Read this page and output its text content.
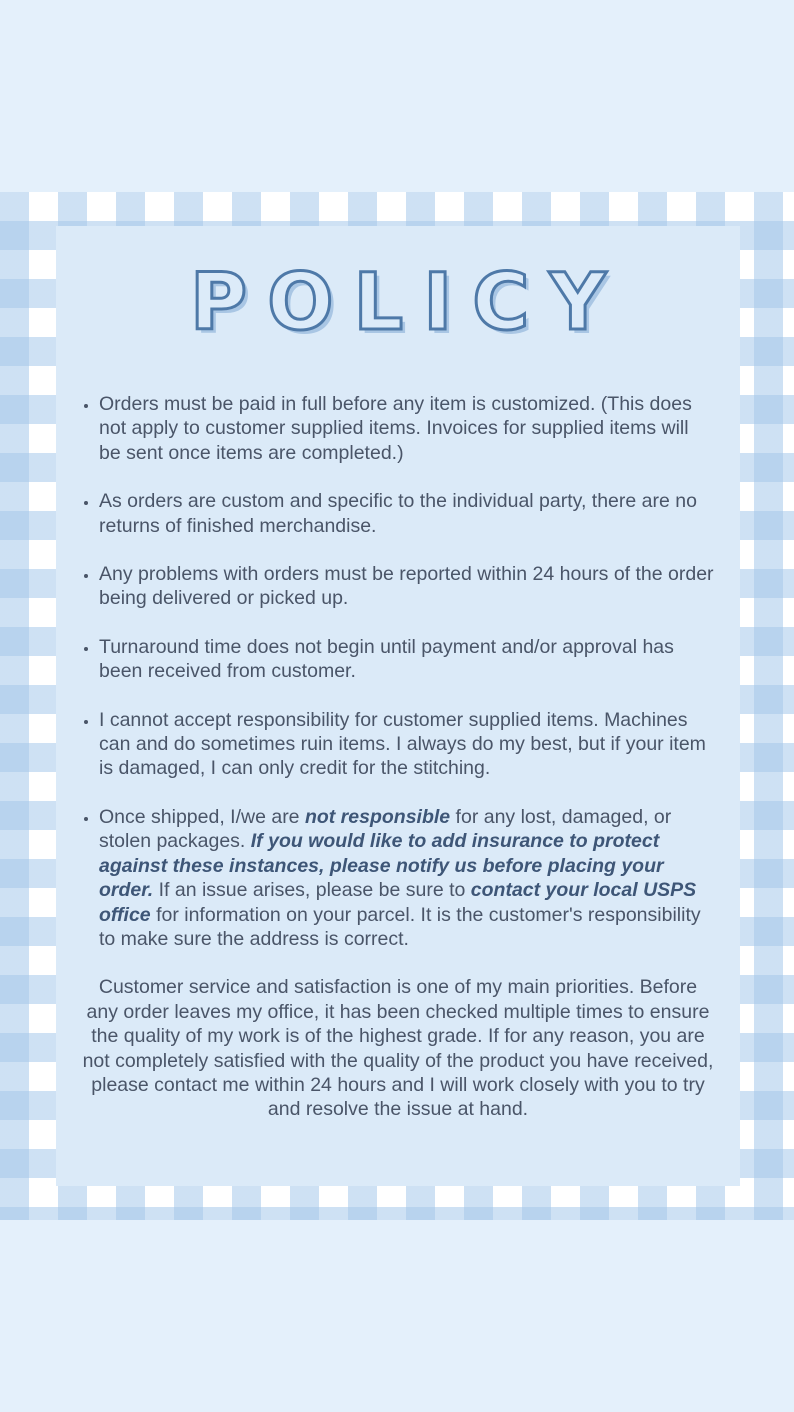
POLICY
• Orders must be paid in full before any item is customized. (This does not apply to customer supplied items. Invoices for supplied items will be sent once items are completed.)
• As orders are custom and specific to the individual party, there are no returns of finished merchandise.
• Any problems with orders must be reported within 24 hours of the order being delivered or picked up.
• Turnaround time does not begin until payment and/or approval has been received from customer.
• I cannot accept responsibility for customer supplied items. Machines can and do sometimes ruin items. I always do my best, but if your item is damaged, I can only credit for the stitching.
• Once shipped, I/we are not responsible for any lost, damaged, or stolen packages. If you would like to add insurance to protect against these instances, please notify us before placing your order. If an issue arises, please be sure to contact your local USPS office for information on your parcel. It is the customer's responsibility to make sure the address is correct.

Customer service and satisfaction is one of my main priorities. Before any order leaves my office, it has been checked multiple times to ensure the quality of my work is of the highest grade. If for any reason, you are not completely satisfied with the quality of the product you have received, please contact me within 24 hours and I will work closely with you to try and resolve the issue at hand.
